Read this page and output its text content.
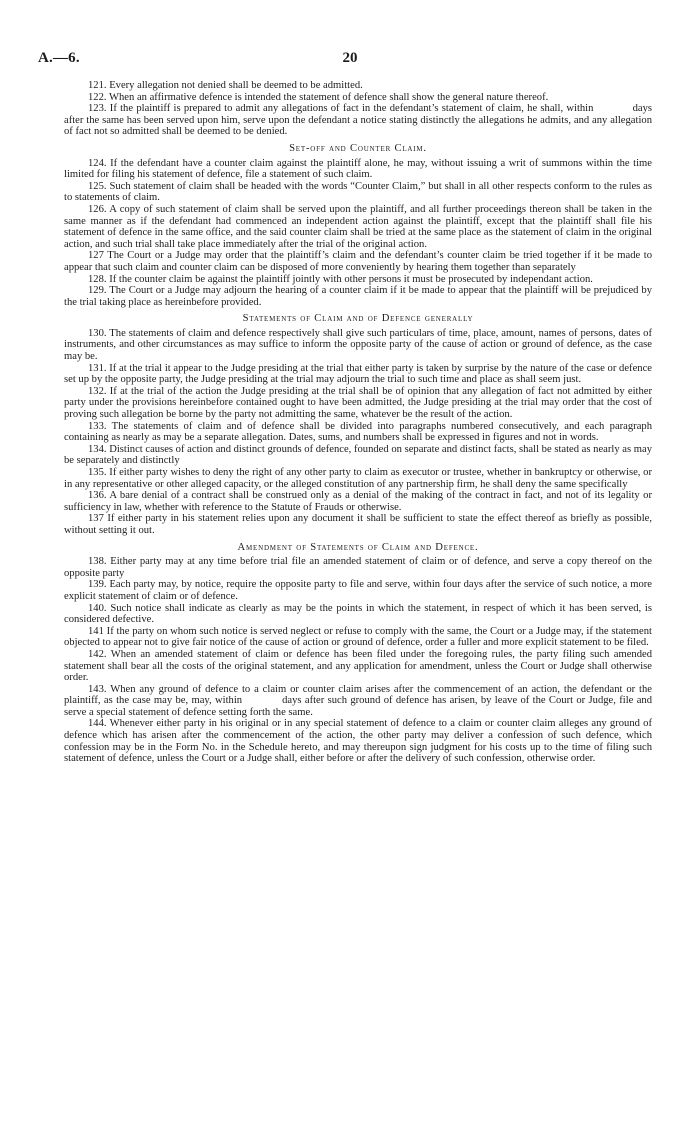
A.—6.	20

121. Every allegation not denied shall be deemed to be admitted.

122. When an affirmative defence is intended the statement of defence shall show the general nature thereof.

123. If the plaintiff is prepared to admit any allegations of fact in the defendant’s statement of claim, he shall, within            days after the same has been served upon him, serve upon the defendant a notice stating distinctly the allegations he admits, and any allegation of fact not so admitted shall be deemed to be denied.

Set-off and Counter Claim.

124. If the defendant have a counter claim against the plaintiff alone, he may, without issuing a writ of summons within the time limited for filing his statement of defence, file a statement of such claim.

125. Such statement of claim shall be headed with the words “Counter Claim,” but shall in all other respects conform to the rules as to statements of claim.

126. A copy of such statement of claim shall be served upon the plaintiff, and all further proceedings thereon shall be taken in the same manner as if the defendant had commenced an independent action against the plaintiff, except that the plaintiff shall file his statement of defence in the same office, and the said counter claim shall be tried at the same place as the statement of claim in the original action, and such trial shall take place immediately after the trial of the original action.

127 The Court or a Judge may order that the plaintiff’s claim and the defendant’s counter claim be tried together if it be made to appear that such claim and counter claim can be disposed of more conveniently by hearing them together than separately

128. If the counter claim be against the plaintiff jointly with other persons it must be prosecuted by independant action.

129. The Court or a Judge may adjourn the hearing of a counter claim if it be made to appear that the plaintiff will be prejudiced by the trial taking place as hereinbefore provided.

Statements of Claim and of Defence generally

130. The statements of claim and defence respectively shall give such particulars of time, place, amount, names of persons, dates of instruments, and other circumstances as may suffice to inform the opposite party of the cause of action or ground of defence, as the case may be.

131. If at the trial it appear to the Judge presiding at the trial that either party is taken by surprise by the nature of the case or defence set up by the opposite party, the Judge presiding at the trial may adjourn the trial to such time and place as shall seem just.

132. If at the trial of the action the Judge presiding at the trial shall be of opinion that any allegation of fact not admitted by either party under the provisions hereinbefore contained ought to have been admitted, the Judge presiding at the trial may order that the cost of proving such allegation be borne by the party not admitting the same, whatever be the result of the action.

133. The statements of claim and of defence shall be divided into paragraphs numbered consecutively, and each paragraph containing as nearly as may be a separate allegation. Dates, sums, and numbers shall be expressed in figures and not in words.

134. Distinct causes of action and distinct grounds of defence, founded on separate and distinct facts, shall be stated as nearly as may be separately and distinctly

135. If either party wishes to deny the right of any other party to claim as executor or trustee, whether in bankruptcy or otherwise, or in any representative or other alleged capacity, or the alleged constitution of any partnership firm, he shall deny the same specifically

136. A bare denial of a contract shall be construed only as a denial of the making of the contract in fact, and not of its legality or sufficiency in law, whether with reference to the Statute of Frauds or otherwise.

137 If either party in his statement relies upon any document it shall be sufficient to state the effect thereof as briefly as possible, without setting it out.

Amendment of Statements of Claim and Defence.

138. Either party may at any time before trial file an amended statement of claim or of defence, and serve a copy thereof on the opposite party

139. Each party may, by notice, require the opposite party to file and serve, within four days after the service of such notice, a more explicit statement of claim or of defence.

140. Such notice shall indicate as clearly as may be the points in which the statement, in respect of which it has been served, is considered defective.

141 If the party on whom such notice is served neglect or refuse to comply with the same, the Court or a Judge may, if the statement objected to appear not to give fair notice of the cause of action or ground of defence, order a fuller and more explicit statement to be filed.

142. When an amended statement of claim or defence has been filed under the foregoing rules, the party filing such amended statement shall bear all the costs of the original statement, and any application for amendment, unless the Court or Judge shall otherwise order.

143. When any ground of defence to a claim or counter claim arises after the commencement of an action, the defendant or the plaintiff, as the case may be, may, within            days after such ground of defence has arisen, by leave of the Court or Judge, file and serve a special statement of defence setting forth the same.

144. Whenever either party in his original or in any special statement of defence to a claim or counter claim alleges any ground of defence which has arisen after the commencement of the action, the other party may deliver a confession of such defence, which confession may be in the Form No. in the Schedule hereto, and may thereupon sign judgment for his costs up to the time of filing such statement of defence, unless the Court or a Judge shall, either before or after the delivery of such confession, otherwise order.
